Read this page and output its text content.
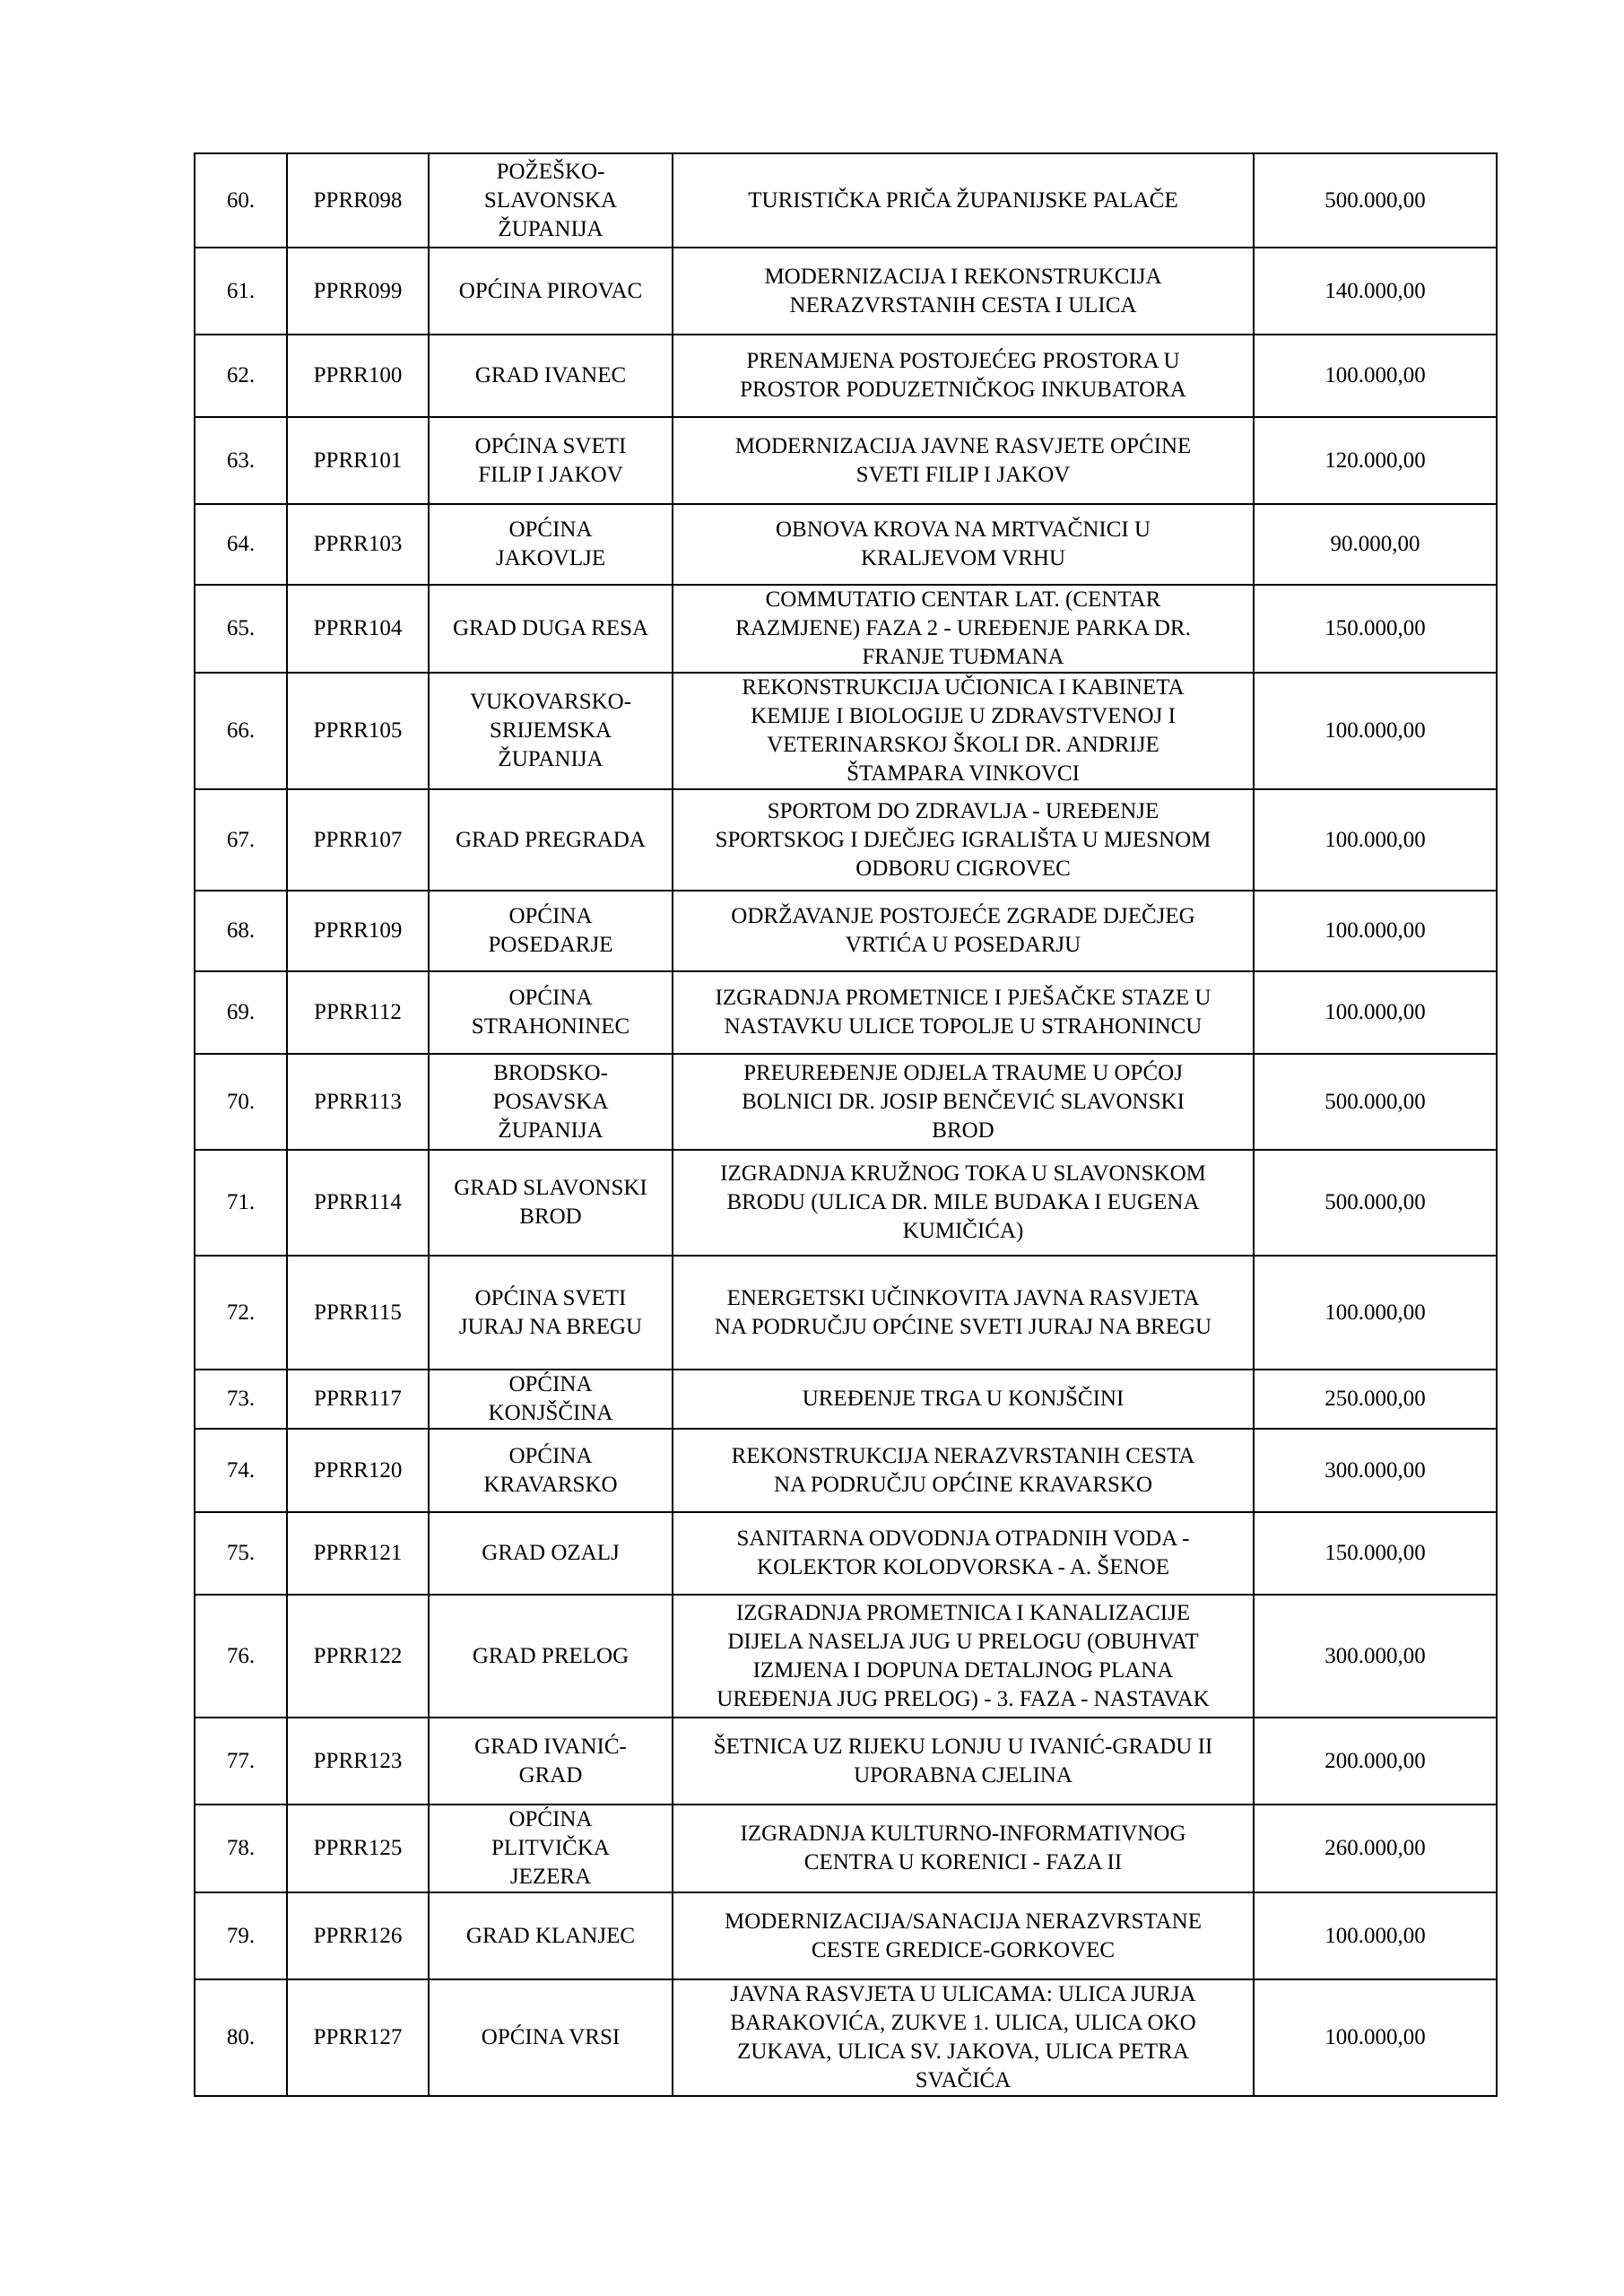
60.	PPRR098	POŽEŠKO-
SLAVONSKA
ŽUPANIJA	TURISTIČKA PRIČA ŽUPANIJSKE PALAČE	500.000,00

61.	PPRR099	OPĆINA PIROVAC	MODERNIZACIJA I REKONSTRUKCIJA
NERAZVRSTANIH CESTA I ULICA	140.000,00

62.	PPRR100	GRAD IVANEC	PRENAMJENA POSTOJEĆEG PROSTORA U
PROSTOR PODUZETNIČKOG INKUBATORA	100.000,00

63.	PPRR101	OPĆINA SVETI
FILIP I JAKOV	MODERNIZACIJA JAVNE RASVJETE OPĆINE
SVETI FILIP I JAKOV	120.000,00

64.	PPRR103	OPĆINA
JAKOVLJE	OBNOVA KROVA NA MRTVAČNICI U
KRALJEVOM VRHU	90.000,00

65.	PPRR104	GRAD DUGA RESA	COMMUTATIO CENTAR LAT. (CENTAR
RAZMJENE) FAZA 2 - UREĐENJE PARKA DR.
FRANJE TUĐMANA	150.000,00

66.	PPRR105	VUKOVARSKO-
SRIJEMSKA
ŽUPANIJA	REKONSTRUKCIJA UČIONICA I KABINETA
KEMIJE I BIOLOGIJE U ZDRAVSTVENOJ I
VETERINARSKOJ ŠKOLI DR. ANDRIJE
ŠTAMPARA VINKOVCI	100.000,00

67.	PPRR107	GRAD PREGRADA	SPORTOM DO ZDRAVLJA - UREĐENJE
SPORTSKOG I DJEČJEG IGRALIŠTA U MJESNOM
ODBORU CIGROVEC	100.000,00

68.	PPRR109	OPĆINA
POSEDARJE	ODRŽAVANJE POSTOJEĆE ZGRADE DJEČJEG
VRTIĆA U POSEDARJU	100.000,00

69.	PPRR112	OPĆINA
STRAHONINEC	IZGRADNJA PROMETNICE I PJEŠAČKE STAZE U
NASTAVKU ULICE TOPOLJE U STRAHONINCU	100.000,00

70.	PPRR113	BRODSKO-
POSAVSKA
ŽUPANIJA	PREUREĐENJE ODJELA TRAUME U OPĆOJ
BOLNICI DR. JOSIP BENČEVIĆ SLAVONSKI
BROD	500.000,00

71.	PPRR114	GRAD SLAVONSKI
BROD	IZGRADNJA KRUŽNOG TOKA U SLAVONSKOM
BRODU (ULICA DR. MILE BUDAKA I EUGENA
KUMIČIĆA)	500.000,00

72.	PPRR115	OPĆINA SVETI
JURAJ NA BREGU	ENERGETSKI UČINKOVITA JAVNA RASVJETA
NA PODRUČJU OPĆINE SVETI JURAJ NA BREGU	100.000,00

73.	PPRR117	OPĆINA
KONJŠČINA	UREĐENJE TRGA U KONJŠČINI	250.000,00

74.	PPRR120	OPĆINA
KRAVARSKO	REKONSTRUKCIJA NERAZVRSTANIH CESTA
NA PODRUČJU OPĆINE KRAVARSKO	300.000,00

75.	PPRR121	GRAD OZALJ	SANITARNA ODVODNJA OTPADNIH VODA -
KOLEKTOR KOLODVORSKA - A. ŠENOE	150.000,00

76.	PPRR122	GRAD PRELOG	IZGRADNJA PROMETNICA I KANALIZACIJE
DIJELA NASELJA JUG U PRELOGU (OBUHVAT
IZMJENA I DOPUNA DETALJNOG PLANA
UREĐENJA JUG PRELOG) - 3. FAZA - NASTAVAK	300.000,00

77.	PPRR123	GRAD IVANIĆ-
GRAD	ŠETNICA UZ RIJEKU LONJU U IVANIĆ-GRADU II
UPORABNA CJELINA	200.000,00

78.	PPRR125	OPĆINA
PLITVIČKA
JEZERA	IZGRADNJA KULTURNO-INFORMATIVNOG
CENTRA U KORENICI - FAZA II	260.000,00

79.	PPRR126	GRAD KLANJEC	MODERNIZACIJA/SANACIJA NERAZVRSTANE
CESTE GREDICE-GORKOVEC	100.000,00

80.	PPRR127	OPĆINA VRSI	JAVNA RASVJETA U ULICAMA: ULICA JURJA
BARAKOVIĆA, ZUKVE 1. ULICA, ULICA OKO
ZUKAVA, ULICA SV. JAKOVA, ULICA PETRA
SVAČIĆA	100.000,00
